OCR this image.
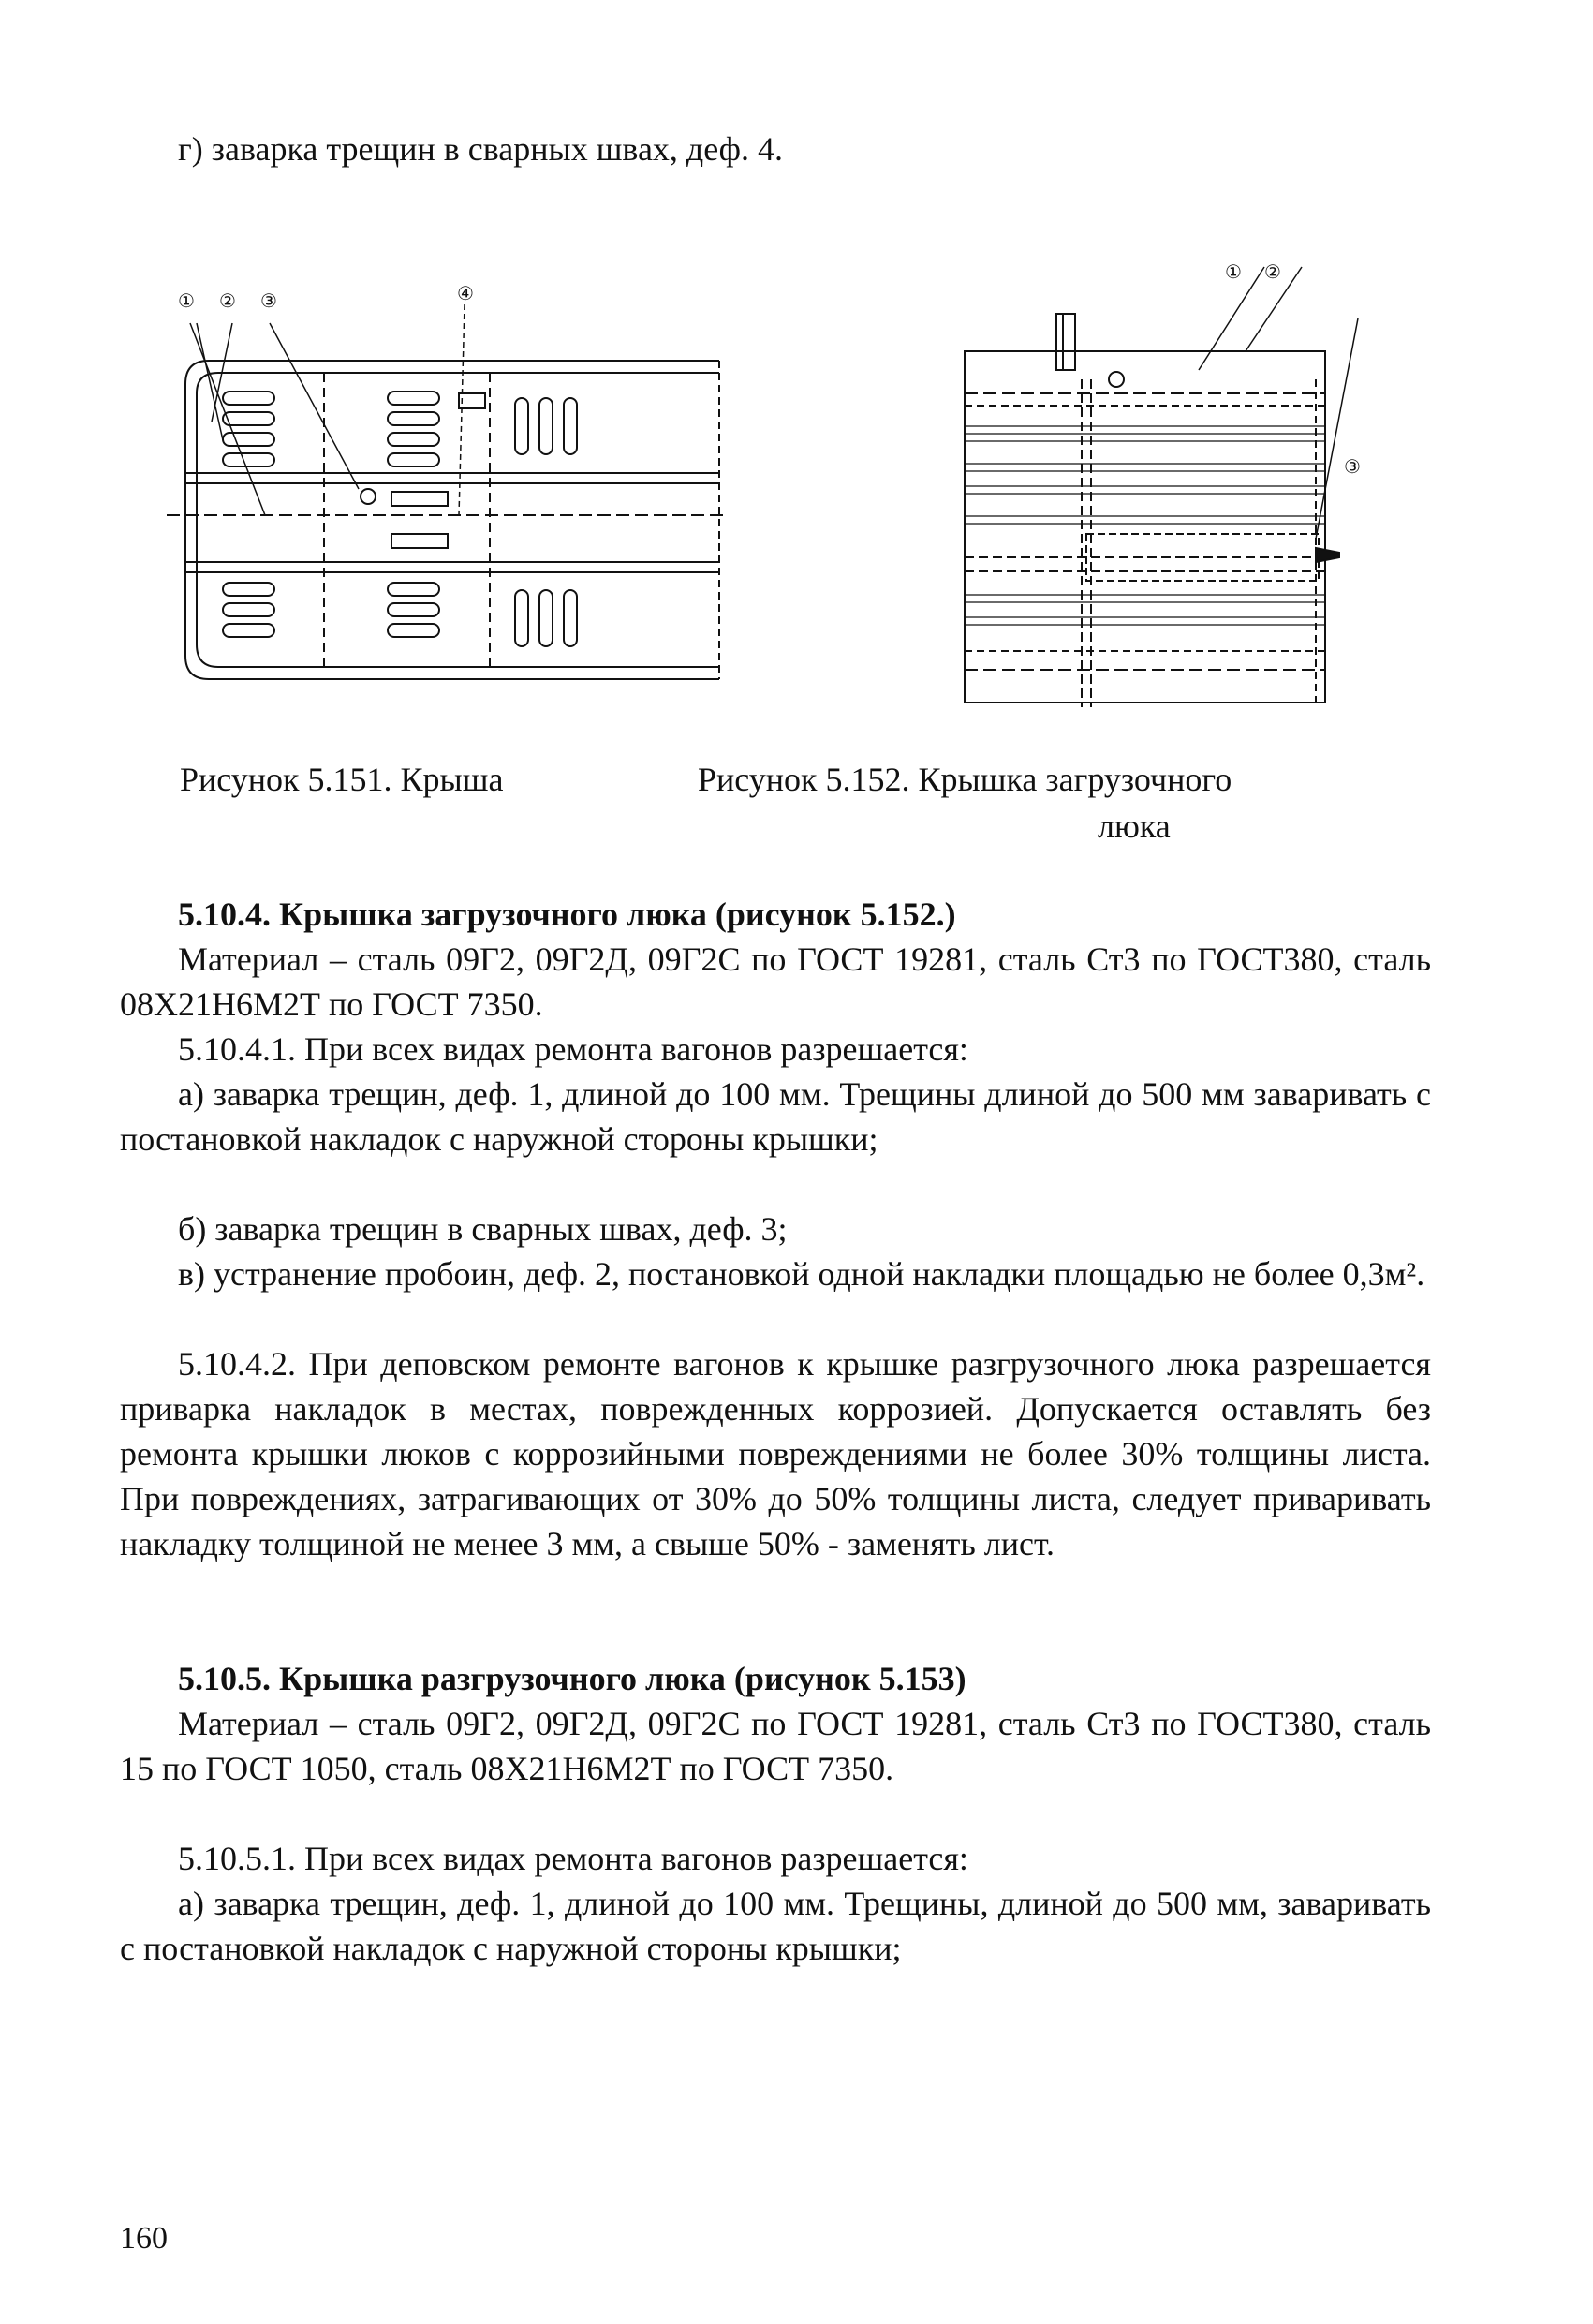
г) заварка трещин в сварных швах, деф. 4.

① ② ③	④
① ②
③

Рисунок 5.151. Крыша	Рисунок 5.152. Крышка загрузочного

люка

5.10.4. Крышка загрузочного люка (рисунок 5.152.)

Материал – сталь 09Г2, 09Г2Д, 09Г2С по ГОСТ 19281, сталь Ст3 по ГОСТ380, сталь 08Х21Н6М2Т по ГОСТ 7350.

5.10.4.1. При всех видах ремонта вагонов разрешается:

а) заварка трещин, деф. 1, длиной до 100 мм. Трещины длиной до 500 мм заваривать с постановкой накладок с наружной стороны крышки;

б) заварка трещин в сварных швах, деф. 3;

в) устранение пробоин, деф. 2, постановкой одной накладки площадью не более 0,3м².

5.10.4.2. При деповском ремонте вагонов к крышке разгрузочного люка разрешается приварка накладок в местах, поврежденных коррозией. Допускается оставлять без ремонта крышки люков с коррозийными повреждениями не более 30% толщины листа. При повреждениях, затрагивающих от 30% до 50% толщины листа, следует приваривать накладку толщиной не менее 3 мм, а свыше 50% - заменять лист.

5.10.5. Крышка разгрузочного люка (рисунок 5.153)

Материал – сталь 09Г2, 09Г2Д, 09Г2С по ГОСТ 19281, сталь Ст3 по ГОСТ380, сталь 15 по ГОСТ 1050, сталь 08Х21Н6М2Т по ГОСТ 7350.

5.10.5.1. При всех видах ремонта вагонов разрешается:

а) заварка трещин, деф. 1, длиной до 100 мм. Трещины, длиной до 500 мм, заваривать с постановкой накладок с наружной стороны крышки;

160
